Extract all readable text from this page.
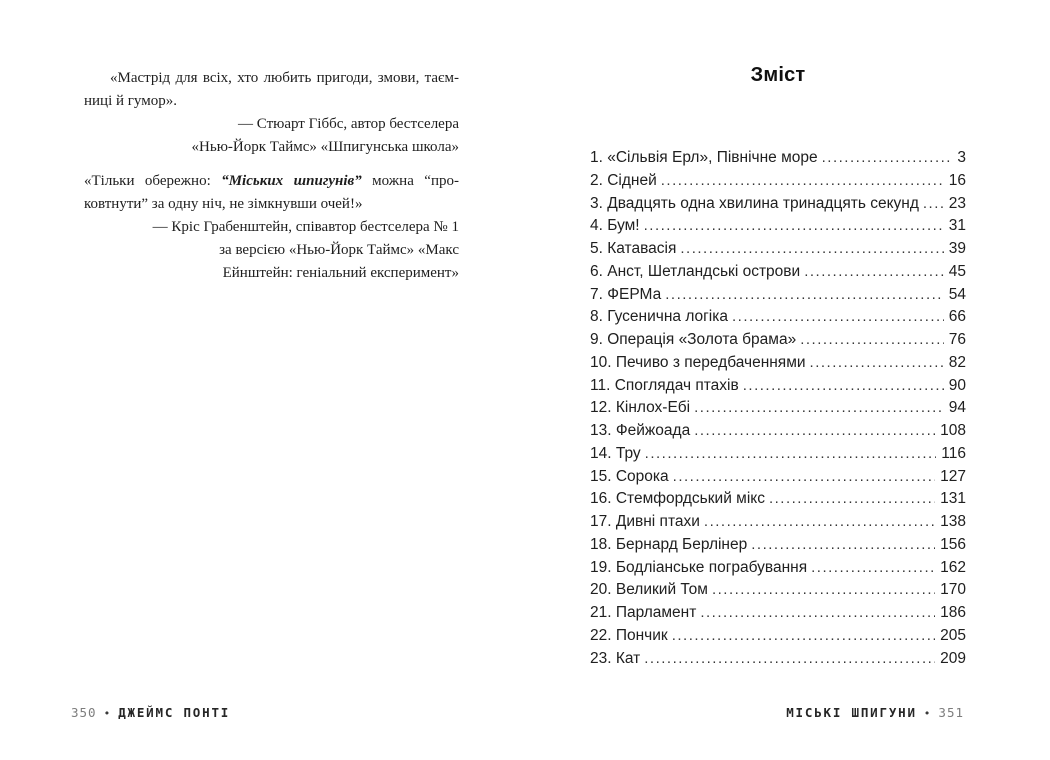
«Мастрід для всіх, хто любить пригоди, змови, таєм-
ниці й гумор».
— Стюарт Гіббс, автор бестселера
«Нью-Йорк Таймс» «Шпигунська школа»
«Тільки обережно: “Міських шпигунів” можна “про-
ковтнути” за одну ніч, не зімкнувши очей!»
— Кріс Грабенштейн, співавтор бестселера № 1
за версією «Нью-Йорк Таймс» «Макс
Ейнштейн: геніальний експеримент»
350 • ДЖЕЙМС ПОНТІ
Зміст
1. «Сільвія Ерл», Північне море .....	3
2. Сідней .....	16
3. Двадцять одна хвилина тринадцять секунд ..... 23
4. Бум! .....	31
5. Катавасія .....	39
6. Анст, Шетландські острови .....	45
7. ФЕРМа .....	54
8. Гусенична логіка .....	66
9. Операція «Золота брама» .....	76
10. Печиво з передбаченнями .....	82
11. Споглядач птахів .....	90
12. Кінлох-Ебі .....	94
13. Фейжоада .....	108
14. Тру .....	116
15. Сорока .....	127
16. Стемфордський мікс .....	131
17. Дивні птахи .....	138
18. Бернард Берлінер .....	156
19. Бодліанське пограбування .....	162
20. Великий Том .....	170
21. Парламент .....	186
22. Пончик .....	205
23. Кат .....	209
МІСЬКІ ШПИГУНИ • 351
